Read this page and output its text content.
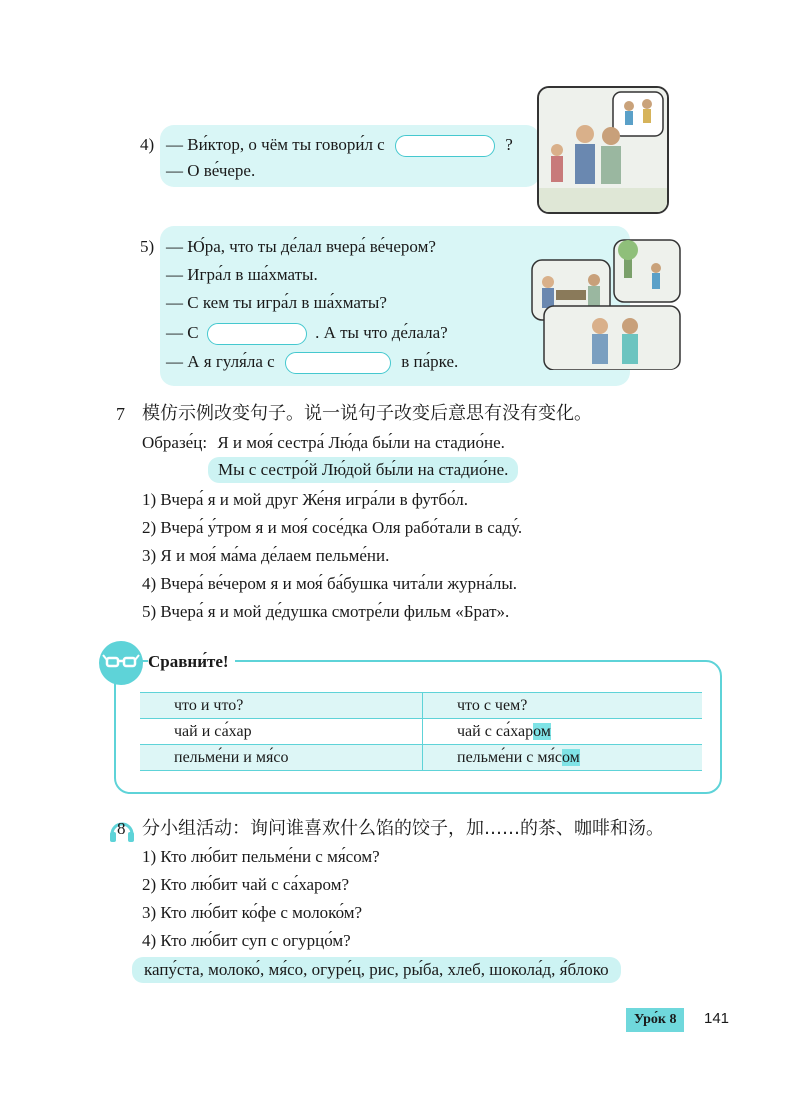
4) — Ви́ктор, о чём ты говори́л с	?
— О ве́чере.
5) — Ю́ра, что ты де́лал вчера́ ве́чером?
— Игра́л в ша́хматы.
— С кем ты игра́л в ша́хматы?
— С	. А ты что де́лала?
— А я гуля́ла с	в па́рке.
7 模仿示例改变句子。说一说句子改变后意思有没有变化。
Образе́ц: Я и моя́ сестра́ Лю́да бы́ли на стадио́не.
Мы с сестро́й Лю́дой бы́ли на стадио́не.
1) Вчера́ я и мой друг Же́ня игра́ли в футбо́л.
2) Вчера́ у́тром я и моя́ сосе́дка Оля рабо́тали в саду́.
3) Я и моя́ ма́ма де́лаем пельме́ни.
4) Вчера́ ве́чером я и моя́ ба́бушка чита́ли журна́лы.
5) Вчера́ я и мой де́душка смотре́ли фильм «Брат».
Сравни́те!
что и что?	что с чем?
чай и са́хар	чай с са́харом
пельме́ни и мя́со	пельме́ни с мя́сом
8 分小组活动：询问谁喜欢什么馅的饺子，加……的茶、咖啡和汤。
1) Кто лю́бит пельме́ни с мя́сом?
2) Кто лю́бит чай с са́харом?
3) Кто лю́бит ко́фе с молоко́м?
4) Кто лю́бит суп с огурцо́м?
капу́ста, молоко́, мя́со, огуре́ц, рис, ры́ба, хлеб, шокола́д, я́блоко
Уро́к 8	141
